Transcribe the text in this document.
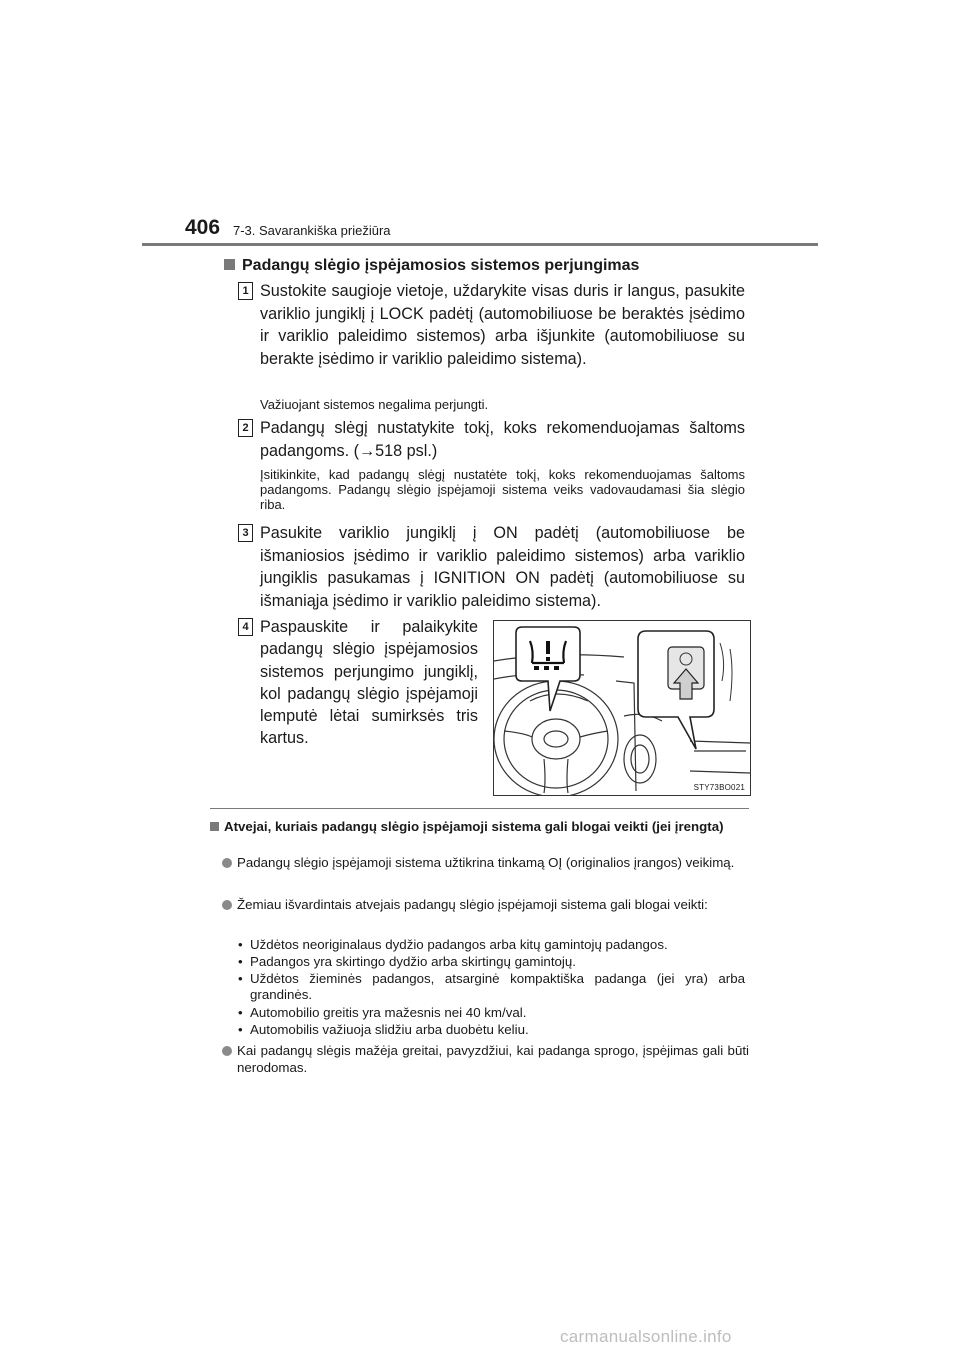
406 7-3. Savarankiška priežiūra
Padangų slėgio įspėjamosios sistemos perjungimas
1 Sustokite saugioje vietoje, uždarykite visas duris ir langus, pasukite variklio jungiklį į LOCK padėtį (automobiliuose be beraktės įsėdimo ir variklio paleidimo sistemos) arba išjunkite (automobiliuose su berakte įsėdimo ir variklio paleidimo sistema).
Važiuojant sistemos negalima perjungti.
2 Padangų slėgį nustatykite tokį, koks rekomenduojamas šaltoms padangoms. (→518 psl.)
Įsitikinkite, kad padangų slėgį nustatėte tokį, koks rekomenduojamas šaltoms padangoms. Padangų slėgio įspėjamoji sistema veiks vadovaudamasi šia slėgio riba.
3 Pasukite variklio jungiklį į ON padėtį (automobiliuose be išmaniosios įsėdimo ir variklio paleidimo sistemos) arba variklio jungiklis pasukamas į IGNITION ON padėtį (automobiliuose su išmaniąja įsėdimo ir variklio paleidimo sistema).
4 Paspauskite ir palaikykite padangų slėgio įspėjamosios sistemos perjungimo jungiklį, kol padangų slėgio įspėjamoji lemputė lėtai sumirksės tris kartus.
STY73BO021
Atvejai, kuriais padangų slėgio įspėjamoji sistema gali blogai veikti (jei įrengta)
Padangų slėgio įspėjamoji sistema užtikrina tinkamą OĮ (originalios įrangos) veikimą.
Žemiau išvardintais atvejais padangų slėgio įspėjamoji sistema gali blogai veikti:
• Uždėtos neoriginalaus dydžio padangos arba kitų gamintojų padangos.
• Padangos yra skirtingo dydžio arba skirtingų gamintojų.
• Uždėtos žieminės padangos, atsarginė kompaktiška padanga (jei yra) arba grandinės.
• Automobilio greitis yra mažesnis nei 40 km/val.
• Automobilis važiuoja slidžiu arba duobėtu keliu.
Kai padangų slėgis mažėja greitai, pavyzdžiui, kai padanga sprogo, įspėjimas gali būti nerodomas.
carmanualsonline.info
